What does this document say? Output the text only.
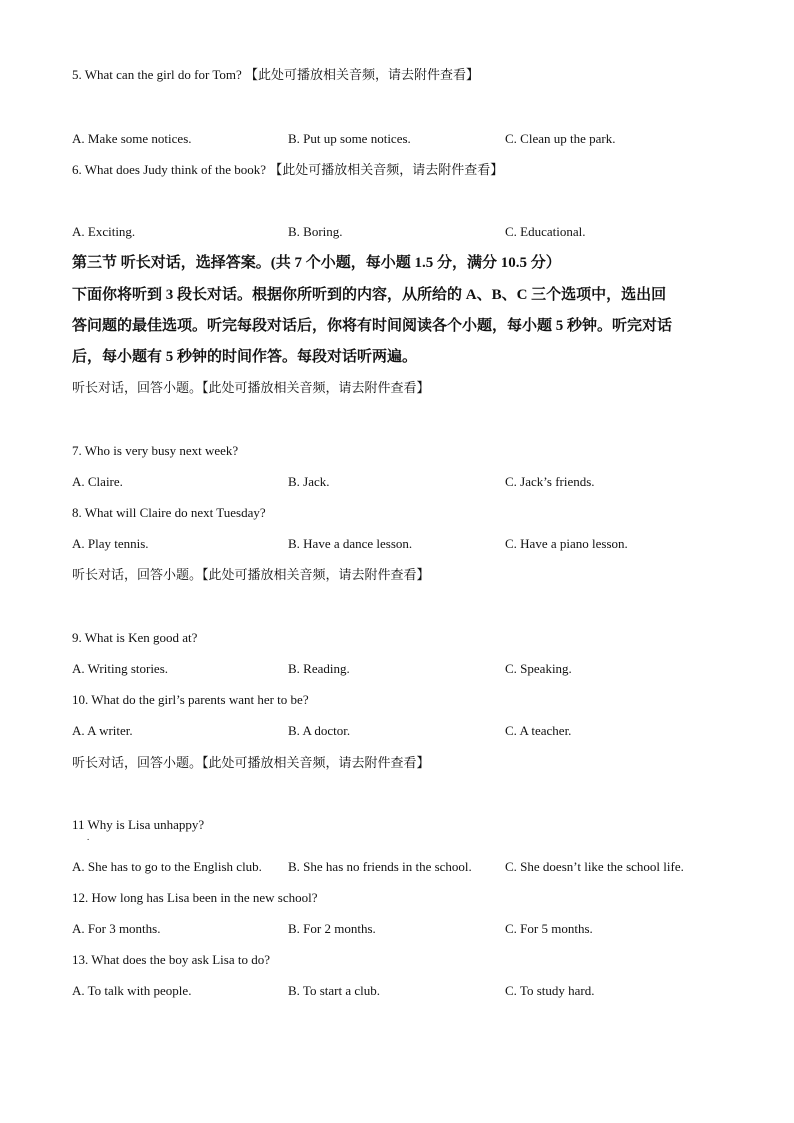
5. What can the girl do for Tom? 【此处可播放相关音频，请去附件查看】
A. Make some notices.	B. Put up some notices.	C. Clean up the park.
6. What does Judy think of the book? 【此处可播放相关音频，请去附件查看】
A. Exciting.	B. Boring.	C. Educational.
第三节 听长对话，选择答案。(共 7 个小题，每小题 1.5 分，满分 10.5 分）
下面你将听到 3 段长对话。根据你所听到的内容，从所给的 A、B、C 三个选项中，选出回
答问题的最佳选项。听完每段对话后，你将有时间阅读各个小题，每小题 5 秒钟。听完对话
后，每小题有 5 秒钟的时间作答。每段对话听两遍。
听长对话，回答小题。【此处可播放相关音频，请去附件查看】
7. Who is very busy next week?
A. Claire.	B. Jack.	C. Jack’s friends.
8. What will Claire do next Tuesday?
A. Play tennis.	B. Have a dance lesson.	C. Have a piano lesson.
听长对话，回答小题。【此处可播放相关音频，请去附件查看】
9. What is Ken good at?
A. Writing stories.	B. Reading.	C. Speaking.
10. What do the girl’s parents want her to be?
A. A writer.	B. A doctor.	C. A teacher.
听长对话，回答小题。【此处可播放相关音频，请去附件查看】
11 Why is Lisa unhappy?
.
A. She has to go to the English club. B. She has no friends in the school.	C. She doesn’t like the school life.
12. How long has Lisa been in the new school?
A. For 3 months.	B. For 2 months.	C. For 5 months.
13. What does the boy ask Lisa to do?
A. To talk with people.	B. To start a club.	C. To study hard.
